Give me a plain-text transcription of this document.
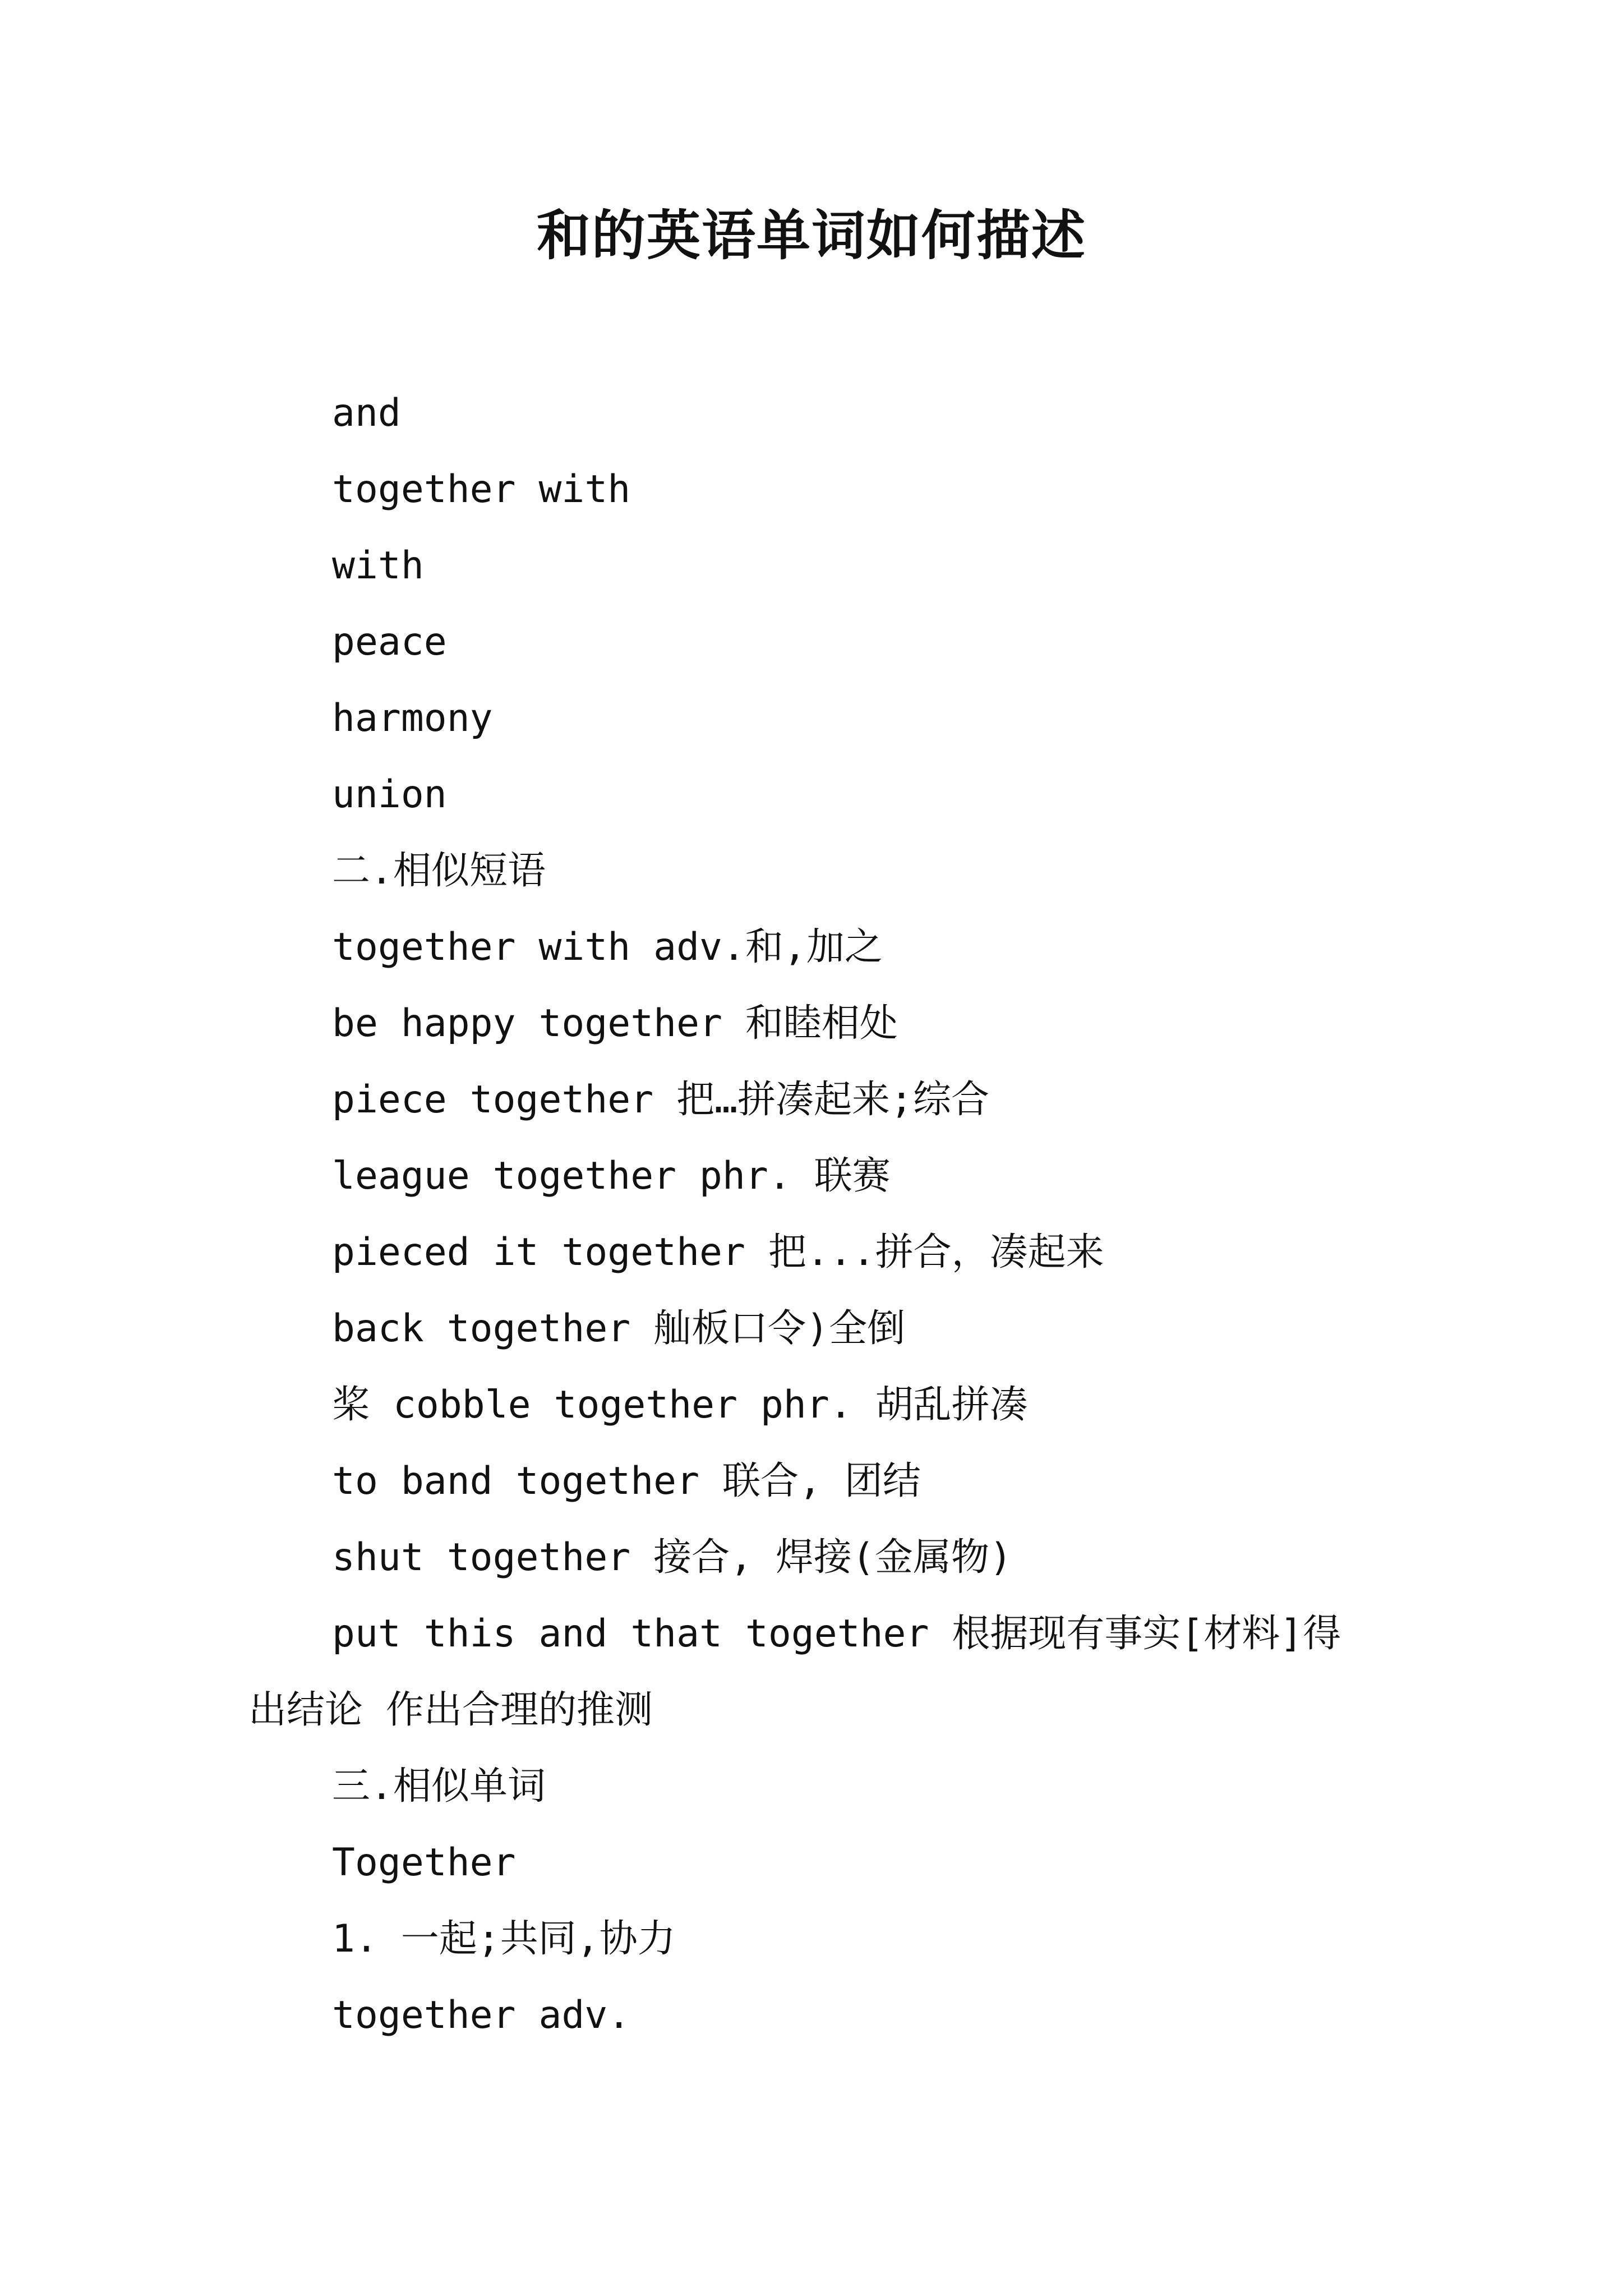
和的英语单词如何描述
and
together with
with
peace
harmony
union
二.相似短语
together with adv.和,加之
be happy together 和睦相处
piece together 把…拼凑起来;综合
league together phr. 联赛
pieced it together 把...拼合，凑起来
back together 舢板口令)全倒
桨 cobble together phr. 胡乱拼凑
to band together 联合, 团结
shut together 接合, 焊接(金属物)
put this and that together 根据现有事实[材料]得
出结论 作出合理的推测
三.相似单词
Together
1. 一起;共同,协力
together adv.
